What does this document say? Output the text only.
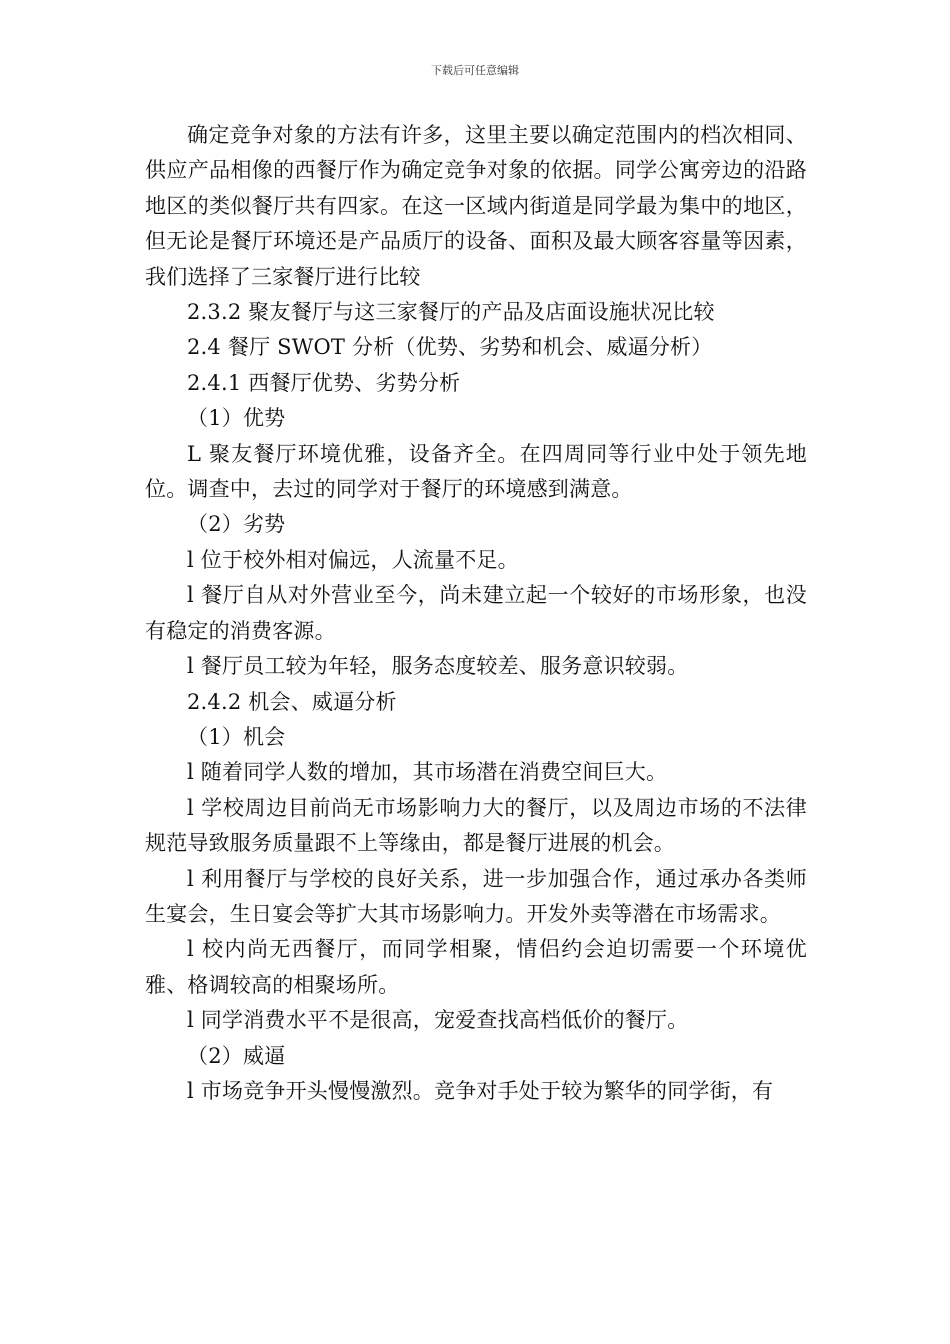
下载后可任意编辑

确定竞争对象的方法有许多，这里主要以确定范围内的档次相同、供应产品相像的西餐厅作为确定竞争对象的依据。同学公寓旁边的沿路地区的类似餐厅共有四家。在这一区域内街道是同学最为集中的地区，但无论是餐厅环境还是产品质厅的设备、面积及最大顾客容量等因素，我们选择了三家餐厅进行比较

2.3.2 聚友餐厅与这三家餐厅的产品及店面设施状况比较

2.4 餐厅 SWOT 分析（优势、劣势和机会、威逼分析）

2.4.1 西餐厅优势、劣势分析

（1）优势

L 聚友餐厅环境优雅，设备齐全。在四周同等行业中处于领先地位。调查中，去过的同学对于餐厅的环境感到满意。

（2）劣势

l 位于校外相对偏远，人流量不足。

l 餐厅自从对外营业至今，尚未建立起一个较好的市场形象，也没有稳定的消费客源。

l 餐厅员工较为年轻，服务态度较差、服务意识较弱。

2.4.2 机会、威逼分析

（1）机会

l 随着同学人数的增加，其市场潜在消费空间巨大。

l 学校周边目前尚无市场影响力大的餐厅，以及周边市场的不法律规范导致服务质量跟不上等缘由，都是餐厅进展的机会。

l 利用餐厅与学校的良好关系，进一步加强合作，通过承办各类师生宴会，生日宴会等扩大其市场影响力。开发外卖等潜在市场需求。

l 校内尚无西餐厅，而同学相聚，情侣约会迫切需要一个环境优雅、格调较高的相聚场所。

l 同学消费水平不是很高，宠爱查找高档低价的餐厅。

（2）威逼

l 市场竞争开头慢慢激烈。竞争对手处于较为繁华的同学街，有
